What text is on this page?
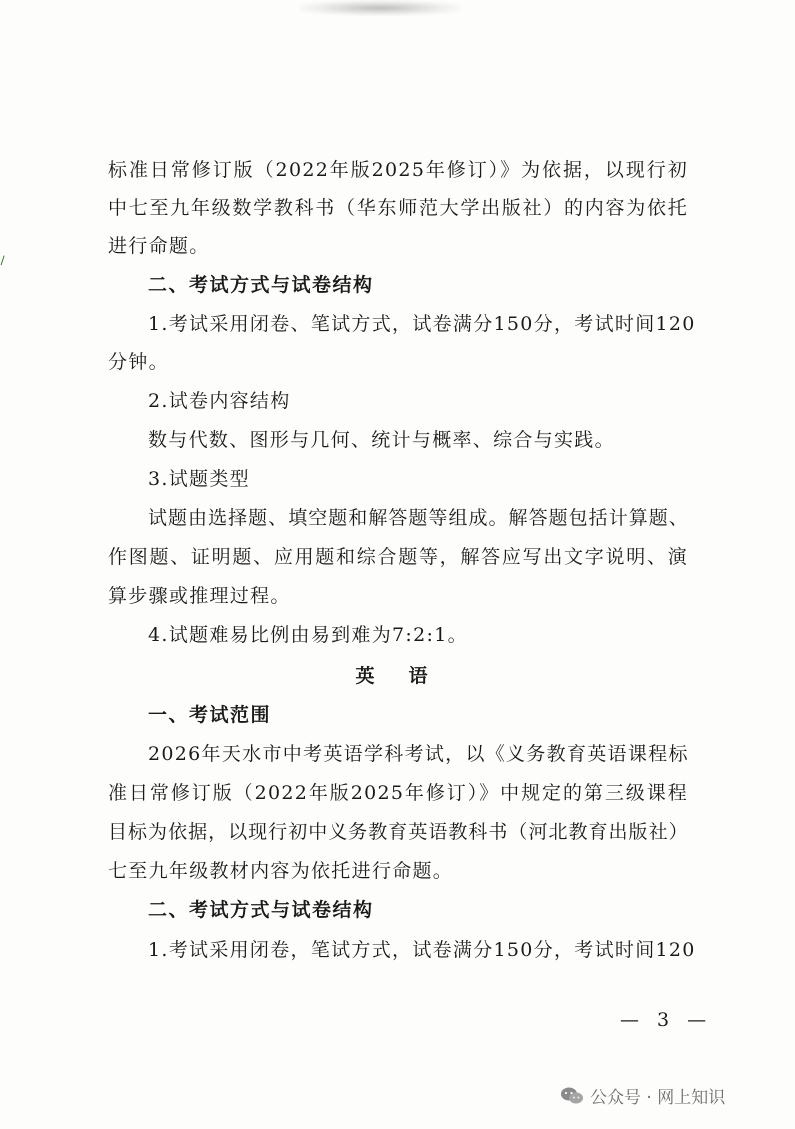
标准日常修订版（2022年版2025年修订）》为依据，以现行初

中七至九年级数学教科书（华东师范大学出版社）的内容为依托

进行命题。

二、考试方式与试卷结构

1.考试采用闭卷、笔试方式，试卷满分150分，考试时间120

分钟。

2.试卷内容结构

数与代数、图形与几何、统计与概率、综合与实践。

3.试题类型

试题由选择题、填空题和解答题等组成。解答题包括计算题、

作图题、证明题、应用题和综合题等，解答应写出文字说明、演

算步骤或推理过程。

4.试题难易比例由易到难为7:2:1。

英语

一、考试范围

2026年天水市中考英语学科考试，以《义务教育英语课程标

准日常修订版（2022年版2025年修订）》中规定的第三级课程

目标为依据，以现行初中义务教育英语教科书（河北教育出版社）

七至九年级教材内容为依托进行命题。

二、考试方式与试卷结构

1.考试采用闭卷，笔试方式，试卷满分150分，考试时间120

— 3 —
公众号 · 网上知识
